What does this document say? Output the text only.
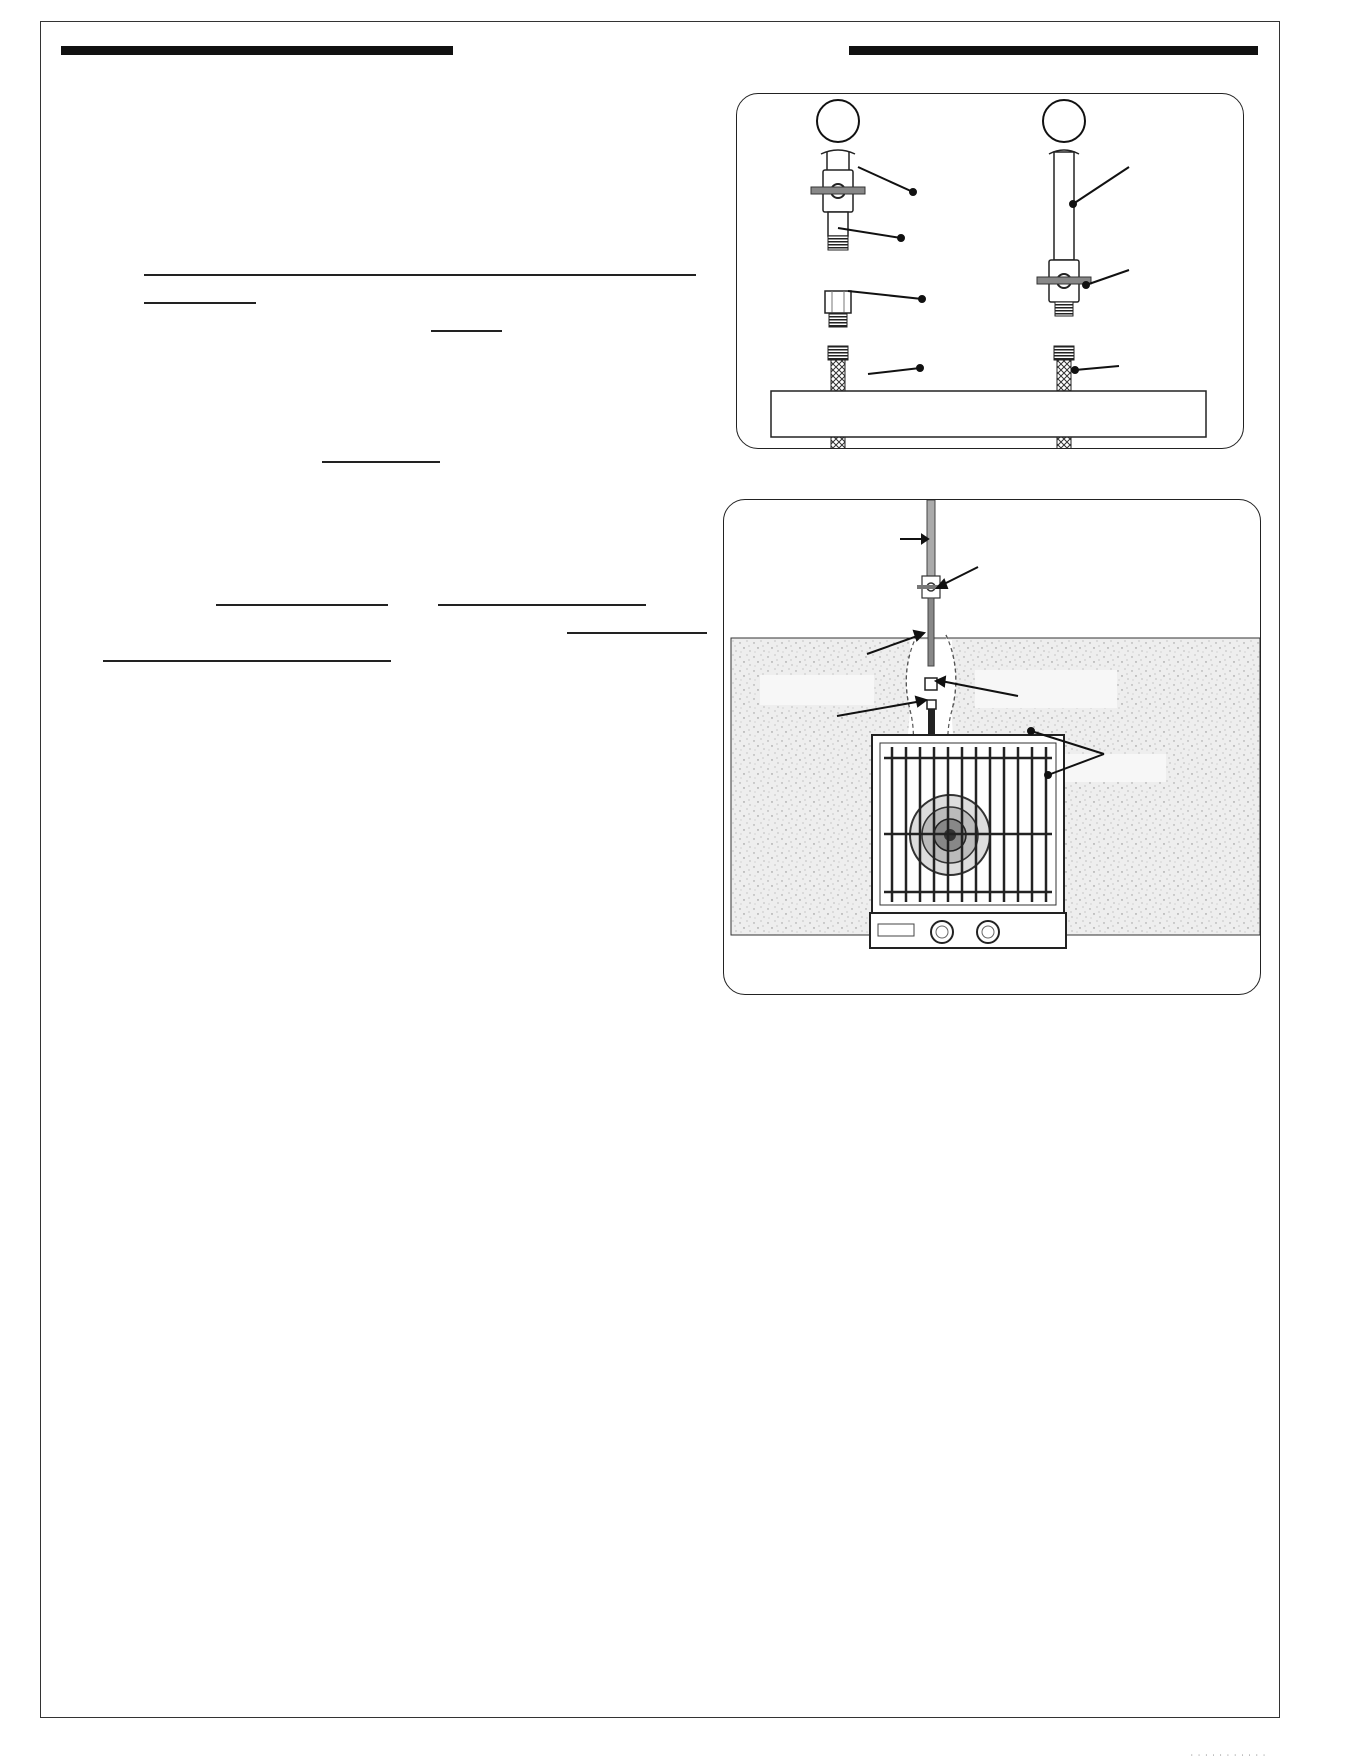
· · · · · · · · · · ·
